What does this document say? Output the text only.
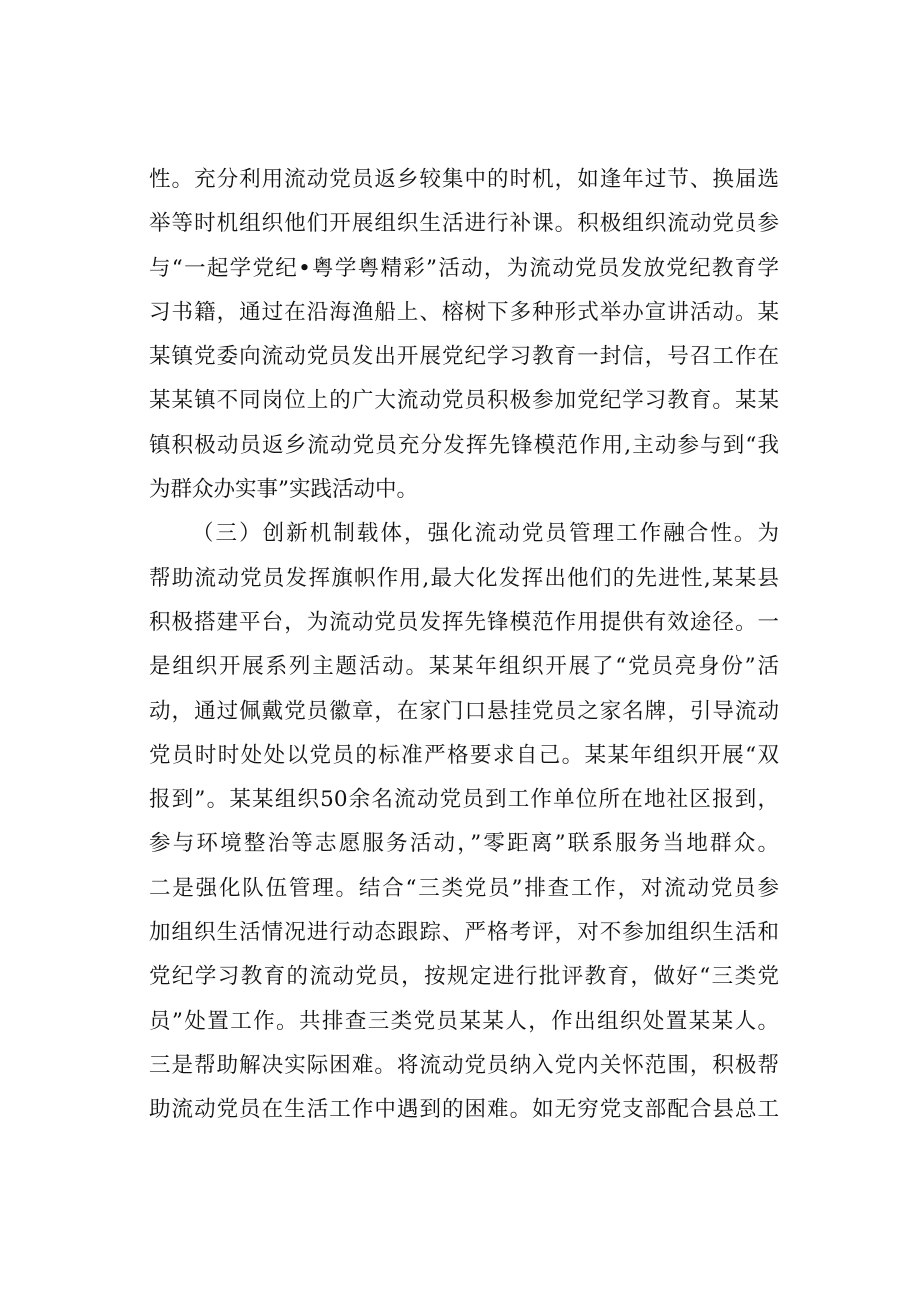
性。充分利用流动党员返乡较集中的时机，如逢年过节、换届选
举等时机组织他们开展组织生活进行补课。积极组织流动党员参
与“一起学党纪•粤学粤精彩”活动，为流动党员发放党纪教育学
习书籍，通过在沿海渔船上、榕树下多种形式举办宣讲活动。某
某镇党委向流动党员发出开展党纪学习教育一封信，号召工作在
某某镇不同岗位上的广大流动党员积极参加党纪学习教育。某某
镇积极动员返乡流动党员充分发挥先锋模范作用,主动参与到“我
为群众办实事”实践活动中。
（三）创新机制载体，强化流动党员管理工作融合性。为
帮助流动党员发挥旗帜作用,最大化发挥出他们的先进性,某某县
积极搭建平台，为流动党员发挥先锋模范作用提供有效途径。一
是组织开展系列主题活动。某某年组织开展了“党员亮身份”活
动，通过佩戴党员徽章，在家门口悬挂党员之家名牌，引导流动
党员时时处处以党员的标准严格要求自己。某某年组织开展“双
报到”。某某组织50余名流动党员到工作单位所在地社区报到，
参与环境整治等志愿服务活动，”零距离”联系服务当地群众。
二是强化队伍管理。结合“三类党员”排查工作，对流动党员参
加组织生活情况进行动态跟踪、严格考评，对不参加组织生活和
党纪学习教育的流动党员，按规定进行批评教育，做好“三类党
员”处置工作。共排查三类党员某某人，作出组织处置某某人。
三是帮助解决实际困难。将流动党员纳入党内关怀范围，积极帮
助流动党员在生活工作中遇到的困难。如无穷党支部配合县总工
